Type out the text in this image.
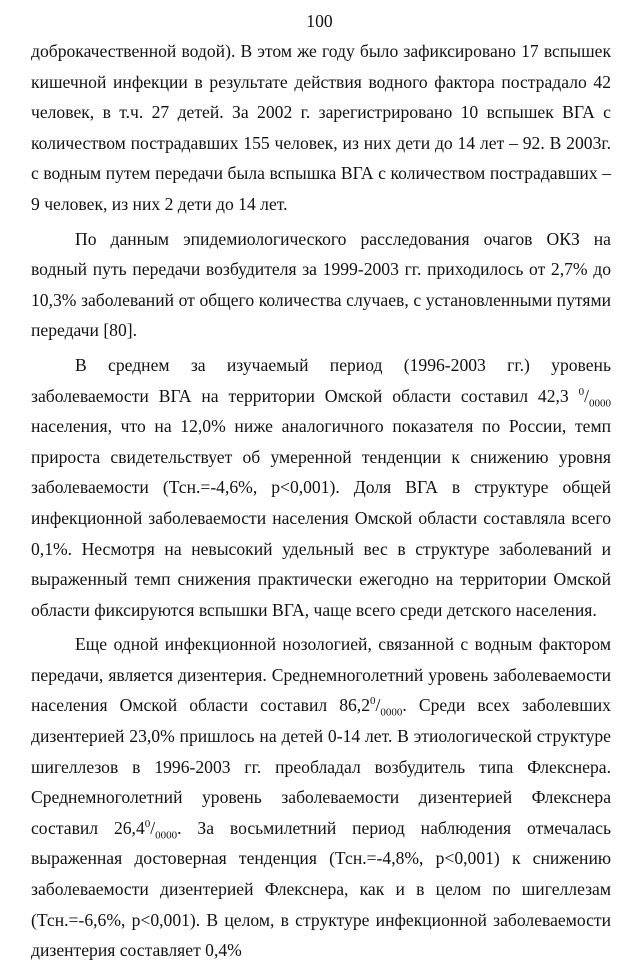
100

доброкачественной водой). В этом же году было зафиксировано 17 вспышек кишечной инфекции в результате действия водного фактора пострадало 42 человек, в т.ч. 27 детей. За 2002 г. зарегистрировано 10 вспышек ВГА с количеством пострадавших 155 человек, из них дети до 14 лет – 92. В 2003г. с водным путем передачи была вспышка ВГА с количеством пострадавших – 9 человек, из них 2 дети до 14 лет.

По данным эпидемиологического расследования очагов ОКЗ на водный путь передачи возбудителя за 1999-2003 гг. приходилось от 2,7% до 10,3% заболеваний от общего количества случаев, с установленными путями передачи [80].

В среднем за изучаемый период (1996-2003 гг.) уровень заболеваемости ВГА на территории Омской области составил 42,3 $^0/_{0000}$ населения, что на 12,0% ниже аналогичного показателя по России, темп прироста свидетельствует об умеренной тенденции к снижению уровня заболеваемости (Тсн.=-4,6%, p<0,001). Доля ВГА в структуре общей инфекционной заболеваемости населения Омской области составляла всего 0,1%. Несмотря на невысокий удельный вес в структуре заболеваний и выраженный темп снижения практически ежегодно на территории Омской области фиксируются вспышки ВГА, чаще всего среди детского населения.

Еще одной инфекционной нозологией, связанной с водным фактором передачи, является дизентерия. Среднемноголетний уровень заболеваемости населения Омской области составил $86,2^0/_{0000}$. Среди всех заболевших дизентерией 23,0% пришлось на детей 0-14 лет. В этиологической структуре шигеллезов в 1996-2003 гг. преобладал возбудитель типа Флекснера. Среднемноголетний уровень заболеваемости дизентерией Флекснера составил $26,4^0/_{0000}$. За восьмилетний период наблюдения отмечалась выраженная достоверная тенденция (Тсн.=-4,8%, p<0,001) к снижению заболеваемости дизентерией Флекснера, как и в целом по шигеллезам (Тсн.=-6,6%, p<0,001). В целом, в структуре инфекционной заболеваемости дизентерия составляет 0,4%
